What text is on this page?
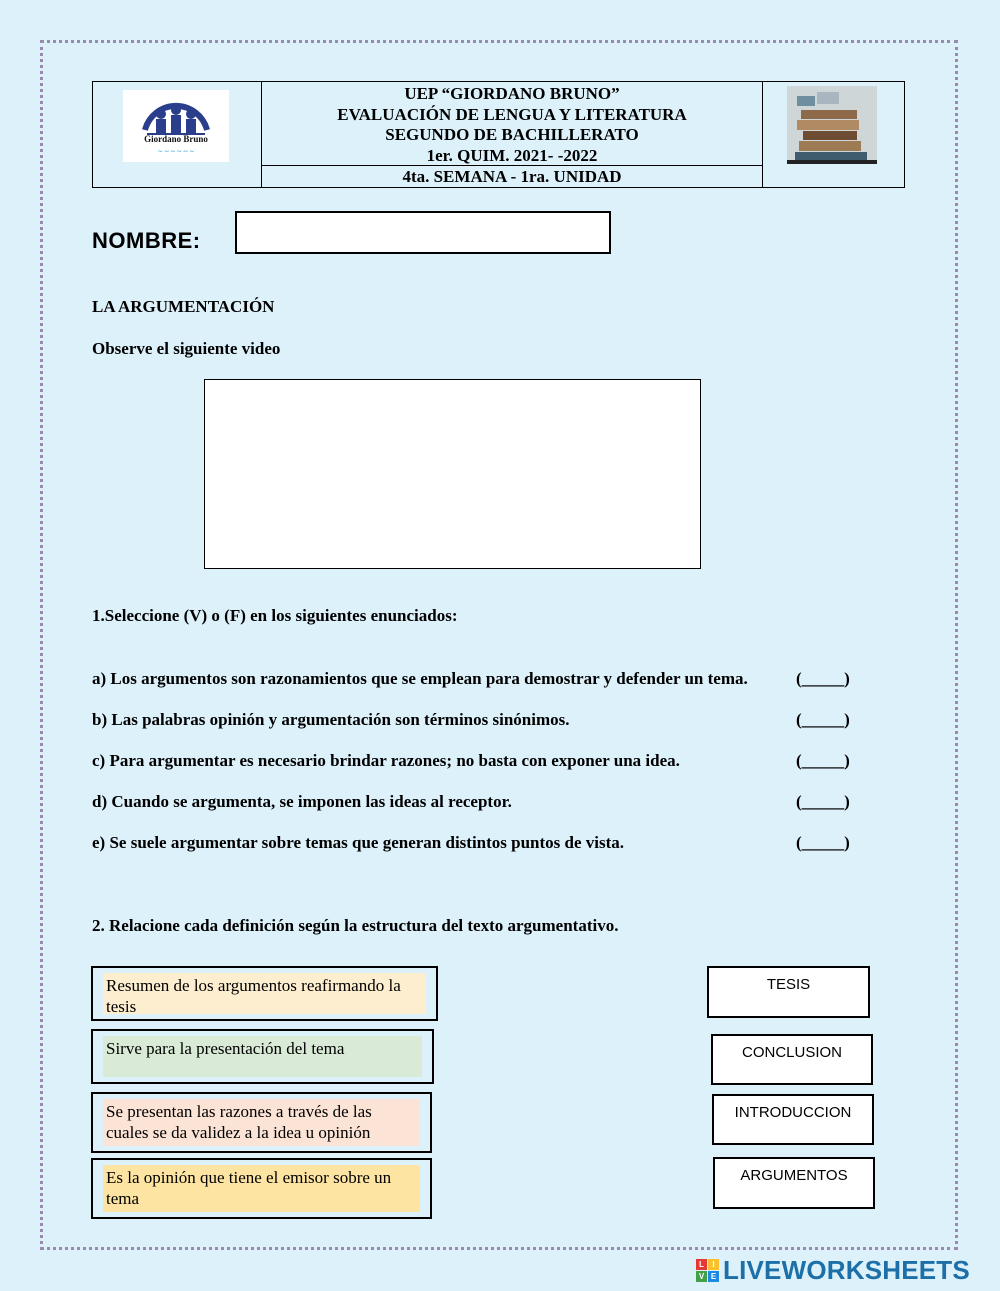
Giordano Bruno
~ ~ ~ ~ ~ ~
UEP “GIORDANO BRUNO”
EVALUACIÓN DE LENGUA Y LITERATURA
SEGUNDO DE BACHILLERATO
1er. QUIM. 2021- -2022
4ta. SEMANA - 1ra. UNIDAD
NOMBRE:
LA ARGUMENTACIÓN
Observe el siguiente video
1.Seleccione (V) o (F) en los siguientes enunciados:
a) Los argumentos son razonamientos que se emplean para demostrar y defender un tema.	(_____)
b) Las palabras opinión y argumentación son términos sinónimos.	(_____)
c) Para argumentar es necesario brindar razones; no basta con exponer una idea.	(_____)
d) Cuando se argumenta, se imponen las ideas al receptor.	(_____)
e) Se suele argumentar sobre temas que generan distintos puntos de vista.	(_____)
2. Relacione cada definición según la estructura del texto argumentativo.
Resumen de los argumentos reafirmando la tesis
Sirve para la presentación del tema
Se presentan las razones a través de las cuales se da validez a la idea u opinión
Es la opinión que tiene el emisor sobre un tema
TESIS
CONCLUSION
INTRODUCCION
ARGUMENTOS
L	I
V E LIVEWORKSHEETS
